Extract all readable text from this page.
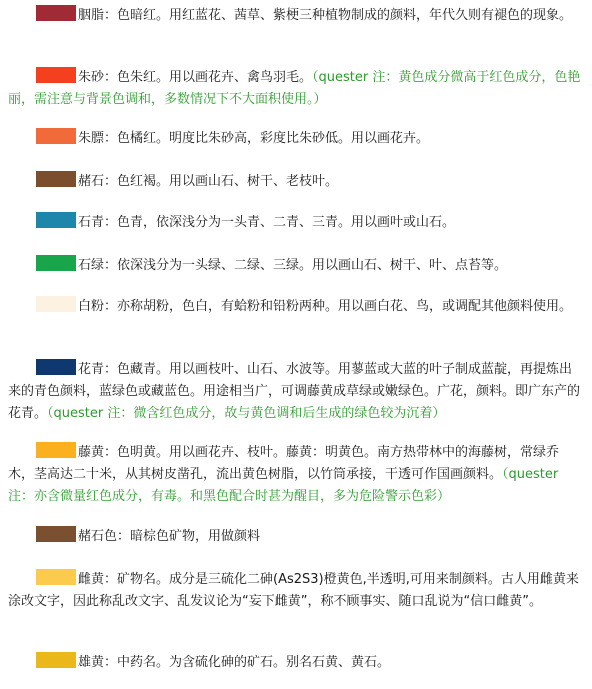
胭脂：色暗红。用红蓝花、茜草、紫梗三种植物制成的颜料，年代久则有褪色的现象。
朱砂：色朱红。用以画花卉、禽鸟羽毛。（quester 注：黄色成分微高于红色成分，色艳丽，需注意与背景色调和，多数情况下不大面积使用。）
朱膘：色橘红。明度比朱砂高，彩度比朱砂低。用以画花卉。
赭石：色红褐。用以画山石、树干、老枝叶。
石青：色青，依深浅分为一头青、二青、三青。用以画叶或山石。
石绿：依深浅分为一头绿、二绿、三绿。用以画山石、树干、叶、点苔等。
白粉：亦称胡粉，色白，有蛤粉和铅粉两种。用以画白花、鸟，或调配其他颜料使用。
花青：色藏青。用以画枝叶、山石、水波等。用蓼蓝或大蓝的叶子制成蓝靛，再提炼出来的青色颜料，蓝绿色或藏蓝色。用途相当广，可调藤黄成草绿或嫩绿色。广花，颜料。即广东产的花青。（quester 注：微含红色成分，故与黄色调和后生成的绿色较为沉着）
藤黄：色明黄。用以画花卉、枝叶。藤黄：明黄色。南方热带林中的海藤树，常绿乔木，茎高达二十米，从其树皮凿孔，流出黄色树脂，以竹筒承接，干透可作国画颜料。（quester 注：亦含微量红色成分，有毒。和黑色配合时甚为醒目，多为危险警示色彩）
赭石色：暗棕色矿物，用做颜料
雌黄：矿物名。成分是三硫化二砷(As2S3)橙黄色,半透明,可用来制颜料。古人用雌黄来涂改文字，因此称乱改文字、乱发议论为“妄下雌黄”，称不顾事实、随口乱说为“信口雌黄”。
雄黄：中药名。为含硫化砷的矿石。别名石黄、黄石。
